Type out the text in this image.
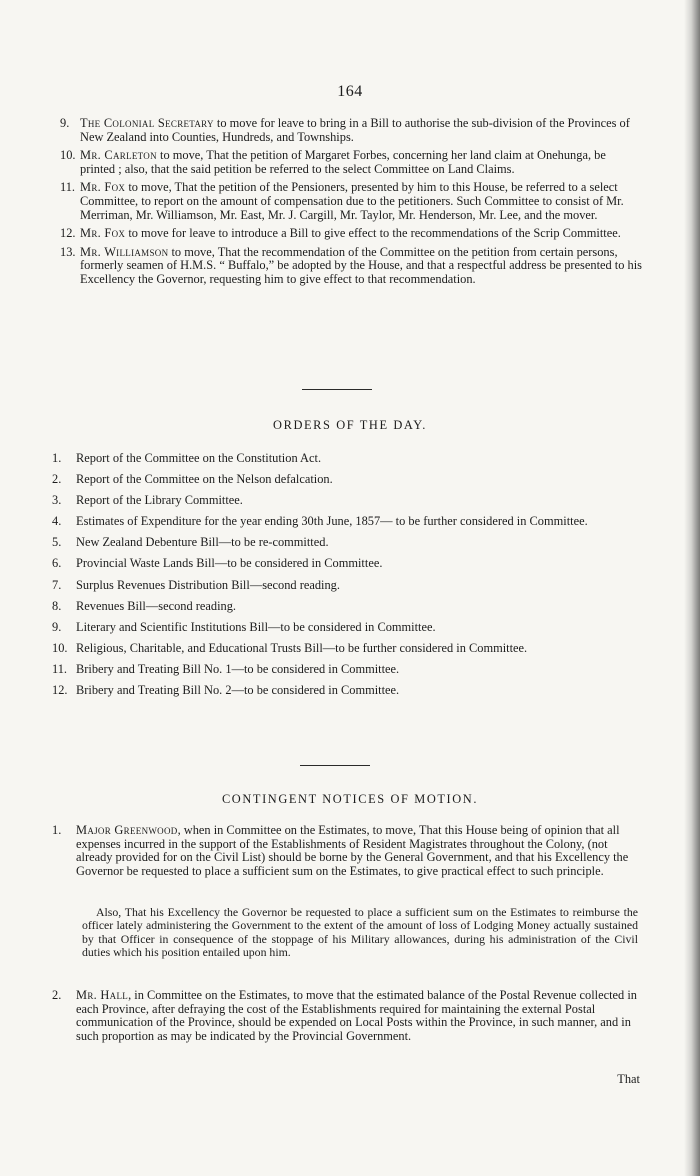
164
9. The Colonial Secretary to move for leave to bring in a Bill to authorise the sub-division of the Provinces of New Zealand into Counties, Hundreds, and Townships.
10. Mr. Carleton to move, That the petition of Margaret Forbes, concerning her land claim at Onehunga, be printed ; also, that the said petition be referred to the select Committee on Land Claims.
11. Mr. Fox to move, That the petition of the Pensioners, presented by him to this House, be referred to a select Committee, to report on the amount of compensation due to the petitioners. Such Committee to consist of Mr. Merriman, Mr. Williamson, Mr. East, Mr. J. Cargill, Mr. Taylor, Mr. Henderson, Mr. Lee, and the mover.
12. Mr. Fox to move for leave to introduce a Bill to give effect to the recommendations of the Scrip Committee.
13. Mr. Williamson to move, That the recommendation of the Committee on the petition from certain persons, formerly seamen of H.M.S. “ Buffalo,” be adopted by the House, and that a respectful address be presented to his Excellency the Governor, requesting him to give effect to that recommendation.
ORDERS OF THE DAY.
1. Report of the Committee on the Constitution Act.
2. Report of the Committee on the Nelson defalcation.
3. Report of the Library Committee.
4. Estimates of Expenditure for the year ending 30th June, 1857— to be further considered in Committee.
5. New Zealand Debenture Bill—to be re-committed.
6. Provincial Waste Lands Bill—to be considered in Committee.
7. Surplus Revenues Distribution Bill—second reading.
8. Revenues Bill—second reading.
9. Literary and Scientific Institutions Bill—to be considered in Committee.
10. Religious, Charitable, and Educational Trusts Bill—to be further considered in Committee.
11. Bribery and Treating Bill No. 1—to be considered in Committee.
12. Bribery and Treating Bill No. 2—to be considered in Committee.
CONTINGENT NOTICES OF MOTION.
1. Major Greenwood, when in Committee on the Estimates, to move, That this House being of opinion that all expenses incurred in the support of the Establishments of Resident Magistrates throughout the Colony, (not already provided for on the Civil List) should be borne by the General Government, and that his Excellency the Governor be requested to place a sufficient sum on the Estimates, to give practical effect to such principle.
Also, That his Excellency the Governor be requested to place a sufficient sum on the Estimates to reimburse the officer lately administering the Government to the extent of the amount of loss of Lodging Money actually sustained by that Officer in consequence of the stoppage of his Military allowances, during his administration of the Civil duties which his position entailed upon him.
2. Mr. Hall, in Committee on the Estimates, to move that the estimated balance of the Postal Revenue collected in each Province, after defraying the cost of the Establishments required for maintaining the external Postal communication of the Province, should be expended on Local Posts within the Province, in such manner, and in such proportion as may be indicated by the Provincial Government.
That
